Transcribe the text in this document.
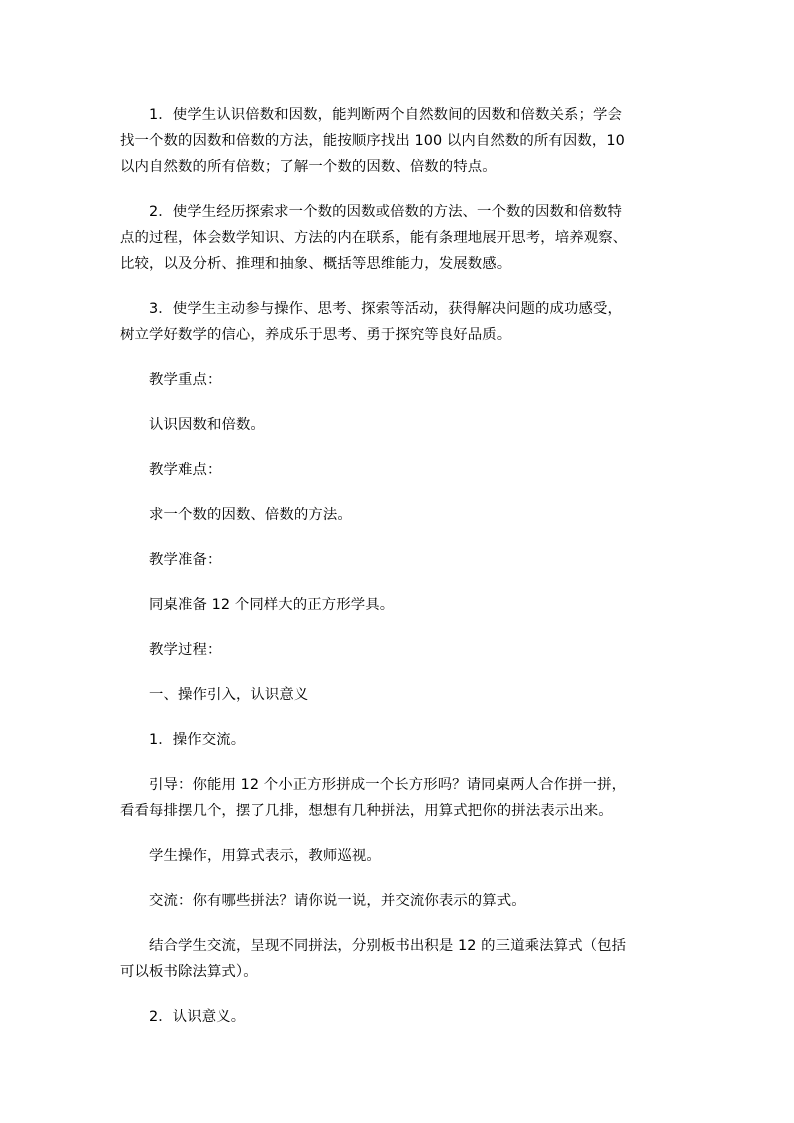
1．使学生认识倍数和因数，能判断两个自然数间的因数和倍数关系；学会
找一个数的因数和倍数的方法，能按顺序找出 100 以内自然数的所有因数，10
以内自然数的所有倍数；了解一个数的因数、倍数的特点。

2．使学生经历探索求一个数的因数或倍数的方法、一个数的因数和倍数特
点的过程，体会数学知识、方法的内在联系，能有条理地展开思考，培养观察、
比较，以及分析、推理和抽象、概括等思维能力，发展数感。

3．使学生主动参与操作、思考、探索等活动，获得解决问题的成功感受，
树立学好数学的信心，养成乐于思考、勇于探究等良好品质。

教学重点：

认识因数和倍数。

教学难点：

求一个数的因数、倍数的方法。

教学准备：

同桌准备 12 个同样大的正方形学具。

教学过程：

一、操作引入，认识意义

1．操作交流。

引导：你能用 12 个小正方形拼成一个长方形吗？请同桌两人合作拼一拼，
看看每排摆几个，摆了几排，想想有几种拼法，用算式把你的拼法表示出来。

学生操作，用算式表示，教师巡视。

交流：你有哪些拼法？请你说一说，并交流你表示的算式。

结合学生交流，呈现不同拼法，分别板书出积是 12 的三道乘法算式（包括
可以板书除法算式）。

2．认识意义。
